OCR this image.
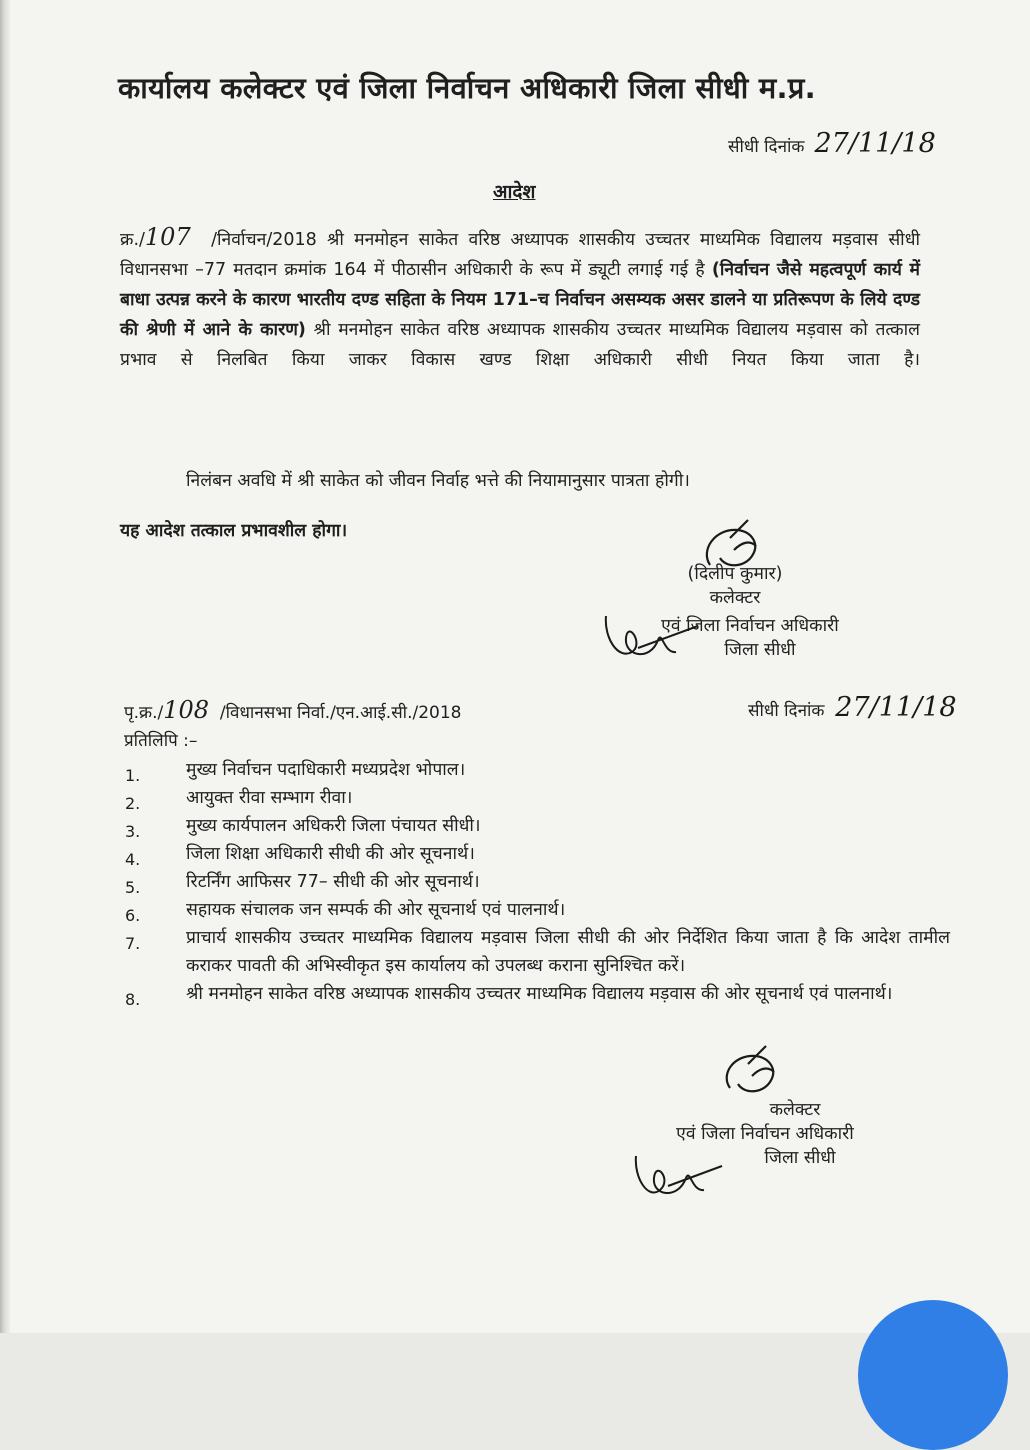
कार्यालय कलेक्टर एवं जिला निर्वाचन अधिकारी जिला सीधी म.प्र.
सीधी दिनांक 27/11/18
आदेश

क्र./107 /निर्वाचन/2018 श्री मनमोहन साकेत वरिष्ठ अध्यापक शासकीय उच्चतर माध्यमिक विद्यालय मड़वास सीधी विधानसभा –77 मतदान क्रमांक 164 में पीठासीन अधिकारी के रूप में ड्यूटी लगाई गई है (निर्वाचन जैसे महत्वपूर्ण कार्य में बाधा उत्पन्न करने के कारण भारतीय दण्ड सहिता के नियम 171–च निर्वाचन असम्यक असर डालने या प्रतिरूपण के लिये दण्ड की श्रेणी में आने के कारण) श्री मनमोहन साकेत वरिष्ठ अध्यापक शासकीय उच्चतर माध्यमिक विद्यालय मड़वास को तत्काल प्रभाव से निलबित किया जाकर विकास खण्ड शिक्षा अधिकारी सीधी नियत किया जाता है।

निलंबन अवधि में श्री साकेत को जीवन निर्वाह भत्ते की नियामानुसार पात्रता होगी।

यह आदेश तत्काल प्रभावशील होगा।

(दिलीप कुमार)
कलेक्टर
एवं जिला निर्वाचन अधिकारी
जिला सीधी
पृ.क्र./108 /विधानसभा निर्वा./एन.आई.सी./2018	सीधी दिनांक 27/11/18
प्रतिलिपि :–
1.	मुख्य निर्वाचन पदाधिकारी मध्यप्रदेश भोपाल।
2.	आयुक्त रीवा सम्भाग रीवा।
3.	मुख्य कार्यपालन अधिकरी जिला पंचायत सीधी।
4.	जिला शिक्षा अधिकारी सीधी की ओर सूचनार्थ।
5.	रिटर्निंग आफिसर 77– सीधी की ओर सूचनार्थ।
6.	सहायक संचालक जन सम्पर्क की ओर सूचनार्थ एवं पालनार्थ।
7.	प्राचार्य शासकीय उच्चतर माध्यमिक विद्यालय मड़वास जिला सीधी की ओर निर्देशित किया जाता है कि आदेश तामील कराकर पावती की अभिस्वीकृत इस कार्यालय को उपलब्ध कराना सुनिश्चित करें।
8.	श्री मनमोहन साकेत वरिष्ठ अध्यापक शासकीय उच्चतर माध्यमिक विद्यालय मड़वास की ओर सूचनार्थ एवं पालनार्थ।
कलेक्टर
एवं जिला निर्वाचन अधिकारी
जिला सीधी
